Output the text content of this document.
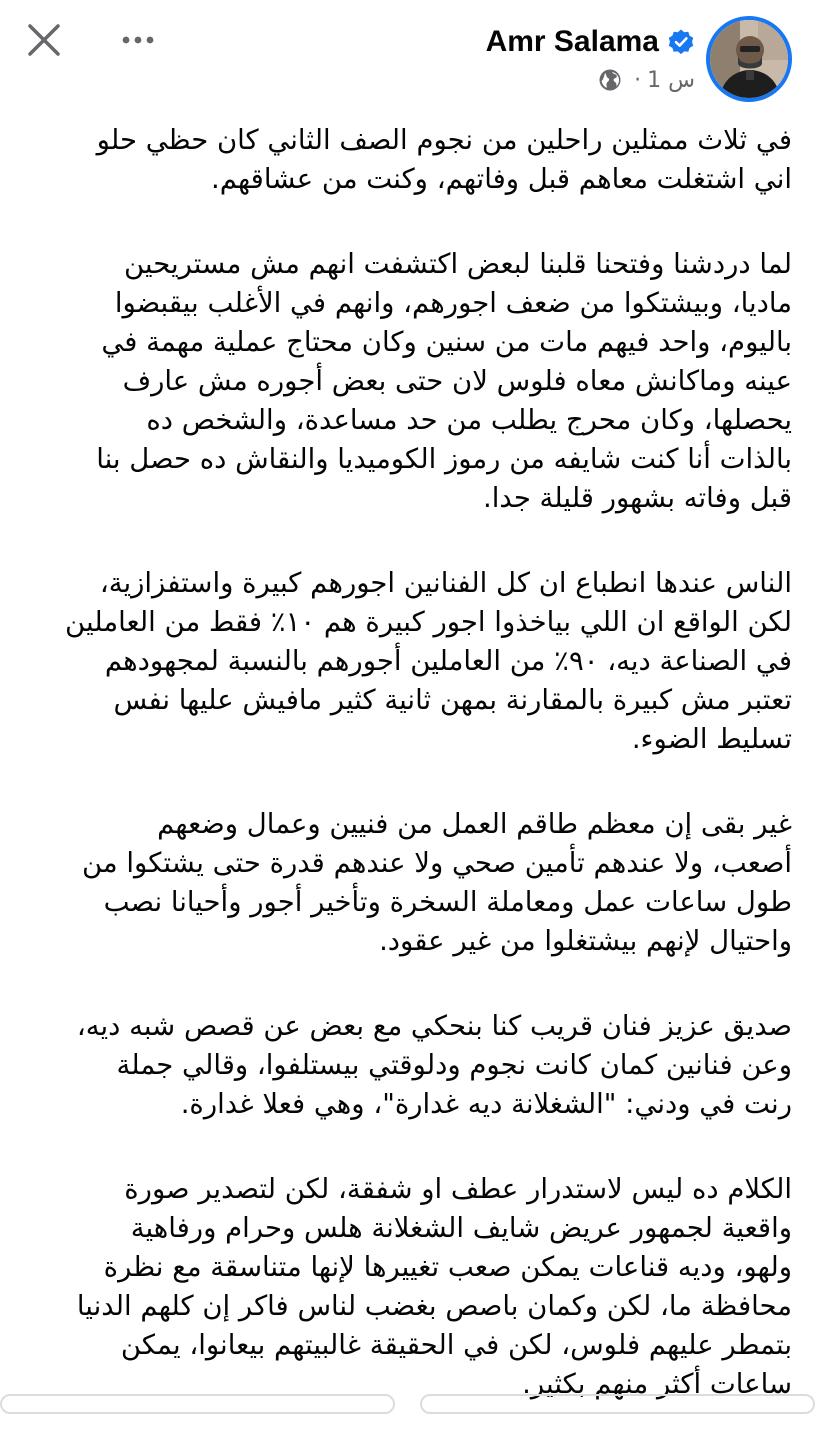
Amr Salama
· 1 س
في ثلاث ممثلين راحلين من نجوم الصف الثاني كان حظي حلو
اني اشتغلت معاهم قبل وفاتهم، وكنت من عشاقهم.
لما دردشنا وفتحنا قلبنا لبعض اكتشفت انهم مش مستريحين
ماديا، وبيشتكوا من ضعف اجورهم، وانهم في الأغلب بيقبضوا
باليوم، واحد فيهم مات من سنين وكان محتاج عملية مهمة في
عينه وماكانش معاه فلوس لان حتى بعض أجوره مش عارف
يحصلها، وكان محرج يطلب من حد مساعدة، والشخص ده
بالذات أنا كنت شايفه من رموز الكوميديا والنقاش ده حصل بنا
قبل وفاته بشهور قليلة جدا.
الناس عندها انطباع ان كل الفنانين اجورهم كبيرة واستفزازية،
لكن الواقع ان اللي بياخذوا اجور كبيرة هم ١٠٪ فقط من العاملين
في الصناعة ديه، ٩٠٪ من العاملين أجورهم بالنسبة لمجهودهم
تعتبر مش كبيرة بالمقارنة بمهن ثانية كثير مافيش عليها نفس
تسليط الضوء.
غير بقى إن معظم طاقم العمل من فنيين وعمال وضعهم
أصعب، ولا عندهم تأمين صحي ولا عندهم قدرة حتى يشتكوا من
طول ساعات عمل ومعاملة السخرة وتأخير أجور وأحيانا نصب
واحتيال لإنهم بيشتغلوا من غير عقود.
صديق عزيز فنان قريب كنا بنحكي مع بعض عن قصص شبه ديه،
وعن فنانين كمان كانت نجوم ودلوقتي بيستلفوا، وقالي جملة
رنت في ودني: "الشغلانة ديه غدارة"، وهي فعلا غدارة.
الكلام ده ليس لاستدرار عطف او شفقة، لكن لتصدير صورة
واقعية لجمهور عريض شايف الشغلانة هلس وحرام ورفاهية
ولهو، وديه قناعات يمكن صعب تغييرها لإنها متناسقة مع نظرة
محافظة ما، لكن وكمان باصص بغضب لناس فاكر إن كلهم الدنيا
بتمطر عليهم فلوس، لكن في الحقيقة غالبيتهم بيعانوا، يمكن
ساعات أكثر منهم بكثير.
